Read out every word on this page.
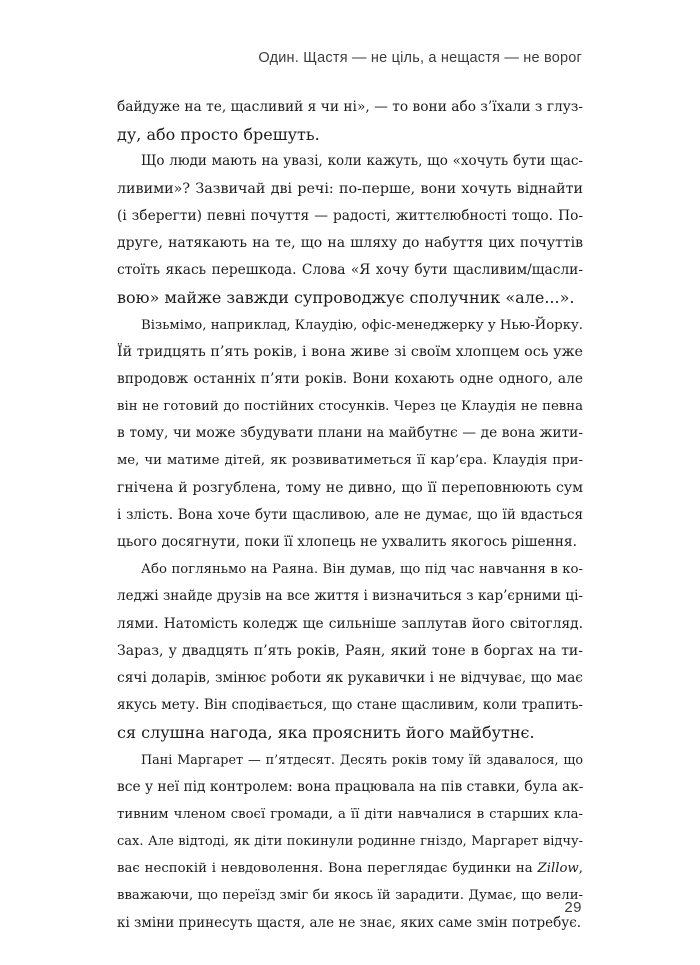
Один. Щастя — не ціль, а нещастя — не ворог
байдуже на те, щасливий я чи ні», — то вони або з’їхали з глуз-
ду, або просто брешуть.
Що люди мають на увазі, коли кажуть, що «хочуть бути щас-
ливими»? Зазвичай дві речі: по-перше, вони хочуть віднайти
(і зберегти) певні почуття — радості, життєлюбності тощо. По-
друге, натякають на те, що на шляху до набуття цих почуттів
стоїть якась перешкода. Слова «Я хочу бути щасливим/щасли-
вою» майже завжди супроводжує сполучник «але...».
Візьмімо, наприклад, Клаудію, офіс-менеджерку у Нью-Йорку.
Їй тридцять п’ять років, і вона живе зі своїм хлопцем ось уже
впродовж останніх п’яти років. Вони кохають одне одного, але
він не готовий до постійних стосунків. Через це Клаудія не певна
в тому, чи може збудувати плани на майбутнє — де вона жити-
ме, чи матиме дітей, як розвиватиметься її кар’єра. Клаудія при-
гнічена й розгублена, тому не дивно, що її переповнюють сум
і злість. Вона хоче бути щасливою, але не думає, що їй вдасться
цього досягнути, поки її хлопець не ухвалить якогось рішення.
Або погляньмо на Раяна. Він думав, що під час навчання в ко-
леджі знайде друзів на все життя і визначиться з кар’єрними ці-
лями. Натомість коледж ще сильніше заплутав його світогляд.
Зараз, у двадцять п’ять років, Раян, який тоне в боргах на ти-
сячі доларів, змінює роботи як рукавички і не відчуває, що має
якусь мету. Він сподівається, що стане щасливим, коли трапить-
ся слушна нагода, яка прояснить його майбутнє.
Пані Маргарет — п’ятдесят. Десять років тому їй здавалося, що
все у неї під контролем: вона працювала на пів ставки, була ак-
тивним членом своєї громади, а її діти навчалися в старших кла-
сах. Але відтоді, як діти покинули родинне гніздо, Маргарет відчу-
ває неспокій і невдоволення. Вона переглядає будинки на Zillow,
вважаючи, що переїзд зміг би якось їй зарадити. Думає, що вели-
кі зміни принесуть щастя, але не знає, яких саме змін потребує.
29
